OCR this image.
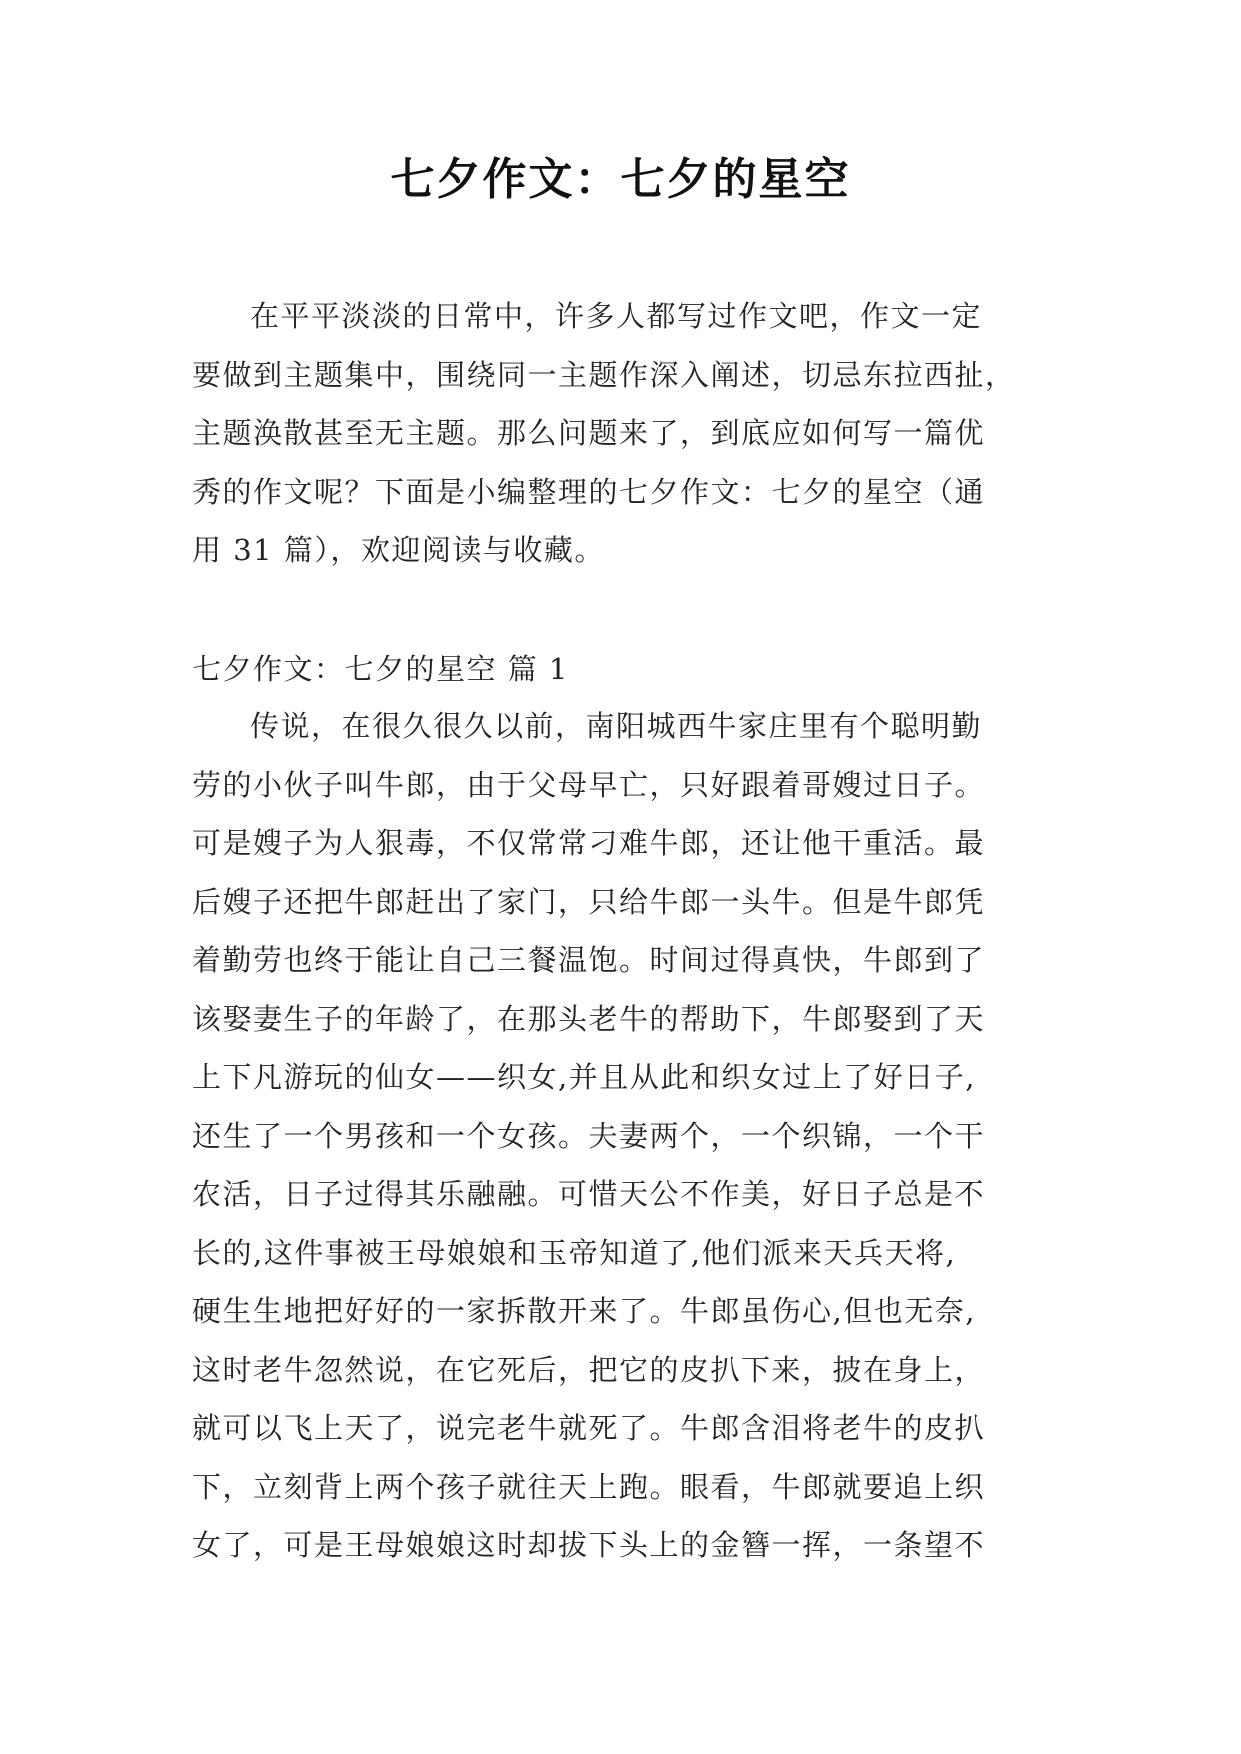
七夕作文：七夕的星空
在平平淡淡的日常中，许多人都写过作文吧，作文一定
要做到主题集中，围绕同一主题作深入阐述，切忌东拉西扯，
主题涣散甚至无主题。那么问题来了，到底应如何写一篇优
秀的作文呢？下面是小编整理的七夕作文：七夕的星空（通
用 31 篇），欢迎阅读与收藏。
七夕作文：七夕的星空 篇 1
传说，在很久很久以前，南阳城西牛家庄里有个聪明勤
劳的小伙子叫牛郎，由于父母早亡，只好跟着哥嫂过日子。
可是嫂子为人狠毒，不仅常常刁难牛郎，还让他干重活。最
后嫂子还把牛郎赶出了家门，只给牛郎一头牛。但是牛郎凭
着勤劳也终于能让自己三餐温饱。时间过得真快，牛郎到了
该娶妻生子的年龄了，在那头老牛的帮助下，牛郎娶到了天
上下凡游玩的仙女——织女,并且从此和织女过上了好日子,
还生了一个男孩和一个女孩。夫妻两个，一个织锦，一个干
农活，日子过得其乐融融。可惜天公不作美，好日子总是不
长的,这件事被王母娘娘和玉帝知道了,他们派来天兵天将,
硬生生地把好好的一家拆散开来了。牛郎虽伤心,但也无奈,
这时老牛忽然说，在它死后，把它的皮扒下来，披在身上，
就可以飞上天了，说完老牛就死了。牛郎含泪将老牛的皮扒
下，立刻背上两个孩子就往天上跑。眼看，牛郎就要追上织
女了，可是王母娘娘这时却拔下头上的金簪一挥，一条望不
